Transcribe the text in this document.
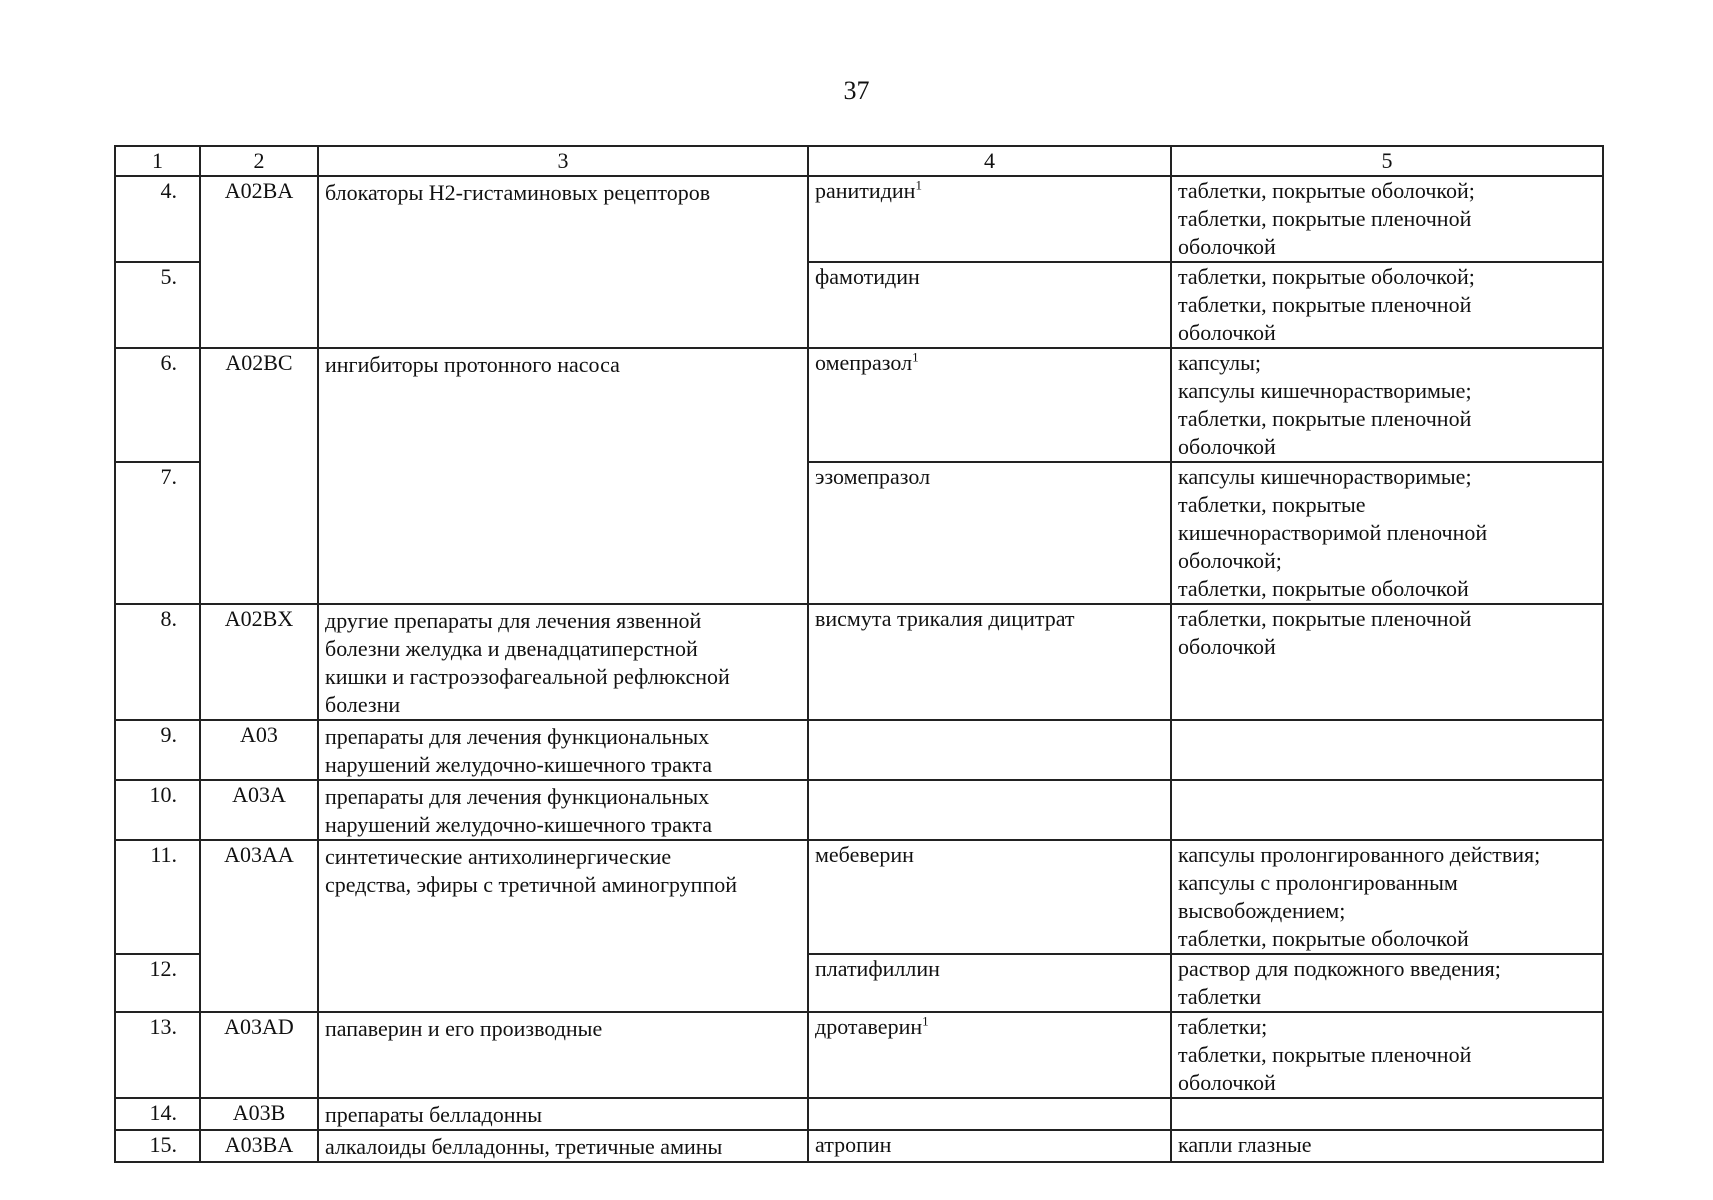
37
1	2	3	4	5
4.	A02BA	блокаторы Н2-гистаминовых рецепторов	ранитидин$^1$	таблетки, покрытые оболочкой;
таблетки, покрытые пленочной
оболочкой
5.			фамотидин	таблетки, покрытые оболочкой;
таблетки, покрытые пленочной
оболочкой
6.	A02BC	ингибиторы протонного насоса	омепразол$^1$	капсулы;
капсулы кишечнорастворимые;
таблетки, покрытые пленочной
оболочкой
7.			эзомепразол	капсулы кишечнорастворимые;
таблетки, покрытые
кишечнорастворимой пленочной
оболочкой;
таблетки, покрытые оболочкой
8.	A02BX	другие препараты для лечения язвенной
болезни желудка и двенадцатиперстной
кишки и гастроэзофагеальной рефлюксной
болезни	висмута трикалия дицитрат	таблетки, покрытые пленочной
оболочкой
9.	A03	препараты для лечения функциональных
нарушений желудочно-кишечного тракта		
10.	A03A	препараты для лечения функциональных
нарушений желудочно-кишечного тракта		
11.	A03AA	синтетические антихолинергические
средства, эфиры с третичной аминогруппой	мебеверин	капсулы пролонгированного действия;
капсулы с пролонгированным
высвобождением;
таблетки, покрытые оболочкой
12.			платифиллин	раствор для подкожного введения;
таблетки
13.	A03AD	папаверин и его производные	дротаверин$^1$	таблетки;
таблетки, покрытые пленочной
оболочкой
14.	A03B	препараты белладонны		
15.	A03BA	алкалоиды белладонны, третичные амины	атропин	капли глазные
